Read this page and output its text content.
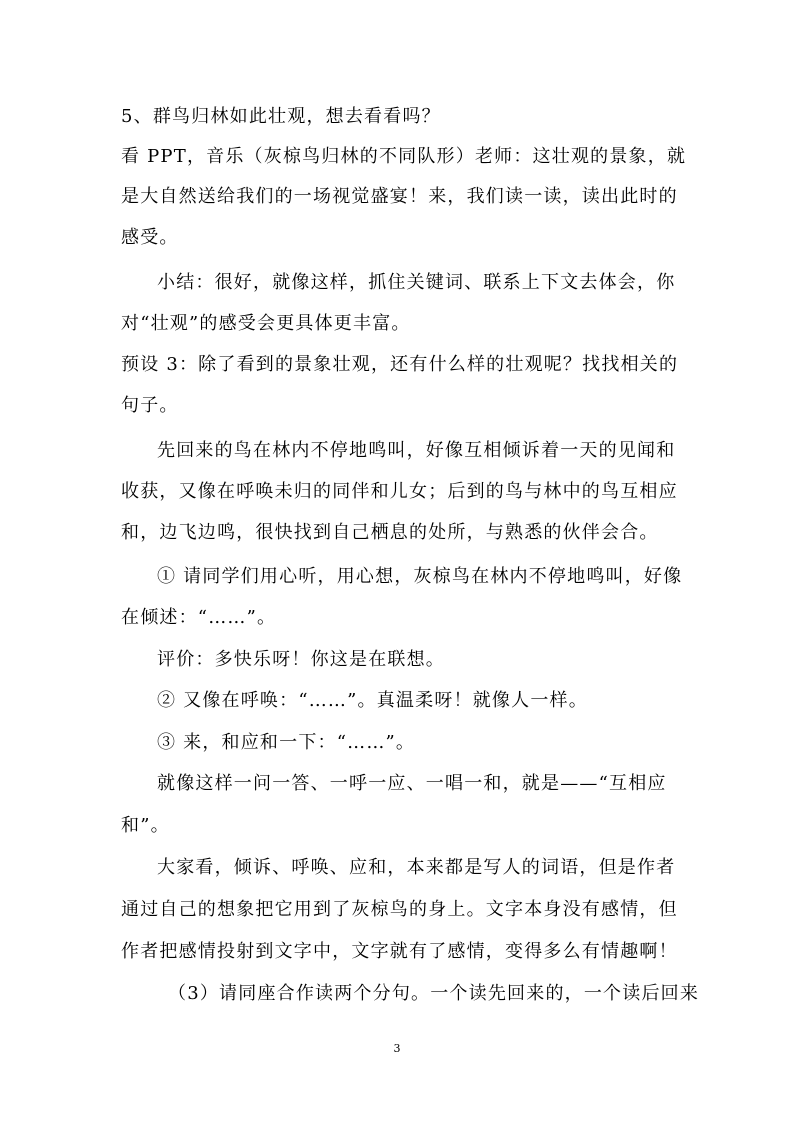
5、群鸟归林如此壮观，想去看看吗？
看 PPT，音乐（灰椋鸟归林的不同队形）老师：这壮观的景象，就
是大自然送给我们的一场视觉盛宴！来，我们读一读，读出此时的
感受。
小结：很好，就像这样，抓住关键词、联系上下文去体会，你
对“壮观”的感受会更具体更丰富。
预设 3：除了看到的景象壮观，还有什么样的壮观呢？找找相关的
句子。
先回来的鸟在林内不停地鸣叫，好像互相倾诉着一天的见闻和
收获，又像在呼唤未归的同伴和儿女；后到的鸟与林中的鸟互相应
和，边飞边鸣，很快找到自己栖息的处所，与熟悉的伙伴会合。
① 请同学们用心听，用心想，灰椋鸟在林内不停地鸣叫，好像
在倾述：“……”。
评价：多快乐呀！你这是在联想。
② 又像在呼唤：“……”。真温柔呀！就像人一样。
③ 来，和应和一下：“……”。
就像这样一问一答、一呼一应、一唱一和，就是——“互相应
和”。
大家看，倾诉、呼唤、应和，本来都是写人的词语，但是作者
通过自己的想象把它用到了灰椋鸟的身上。文字本身没有感情，但
作者把感情投射到文字中，文字就有了感情，变得多么有情趣啊！
（3）请同座合作读两个分句。一个读先回来的，一个读后回来
3
